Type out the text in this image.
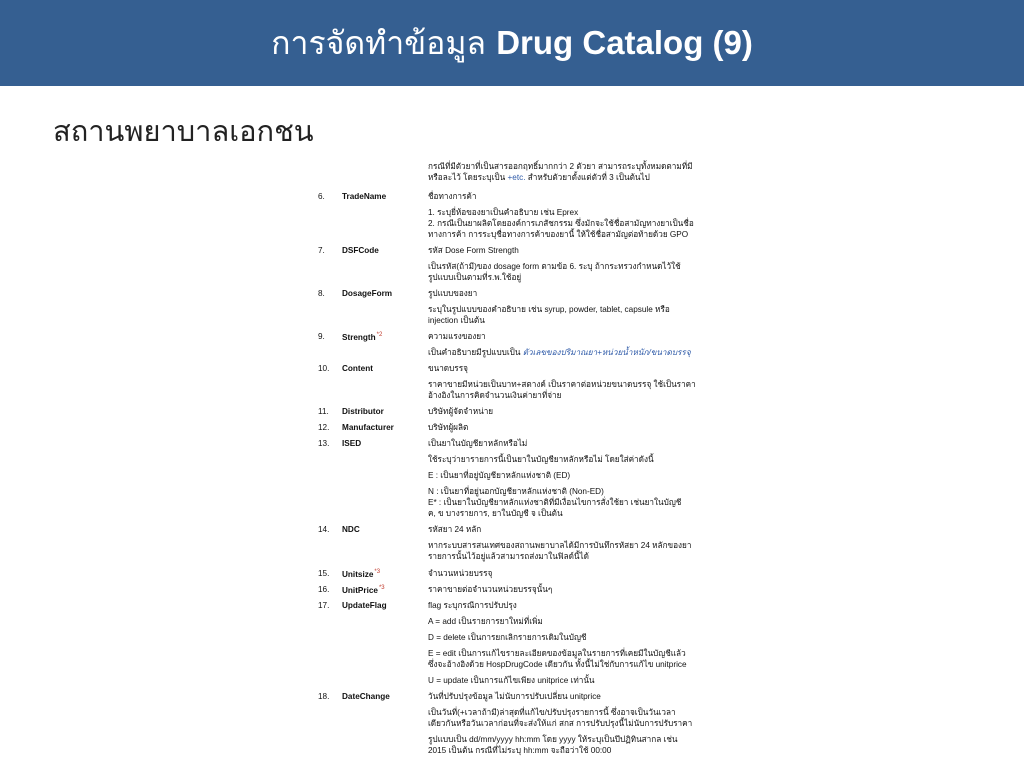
การจัดทำข้อมูล Drug Catalog (9)
สถานพยาบาลเอกชน
กรณีที่มีตัวยาที่เป็นสารออกฤทธิ์มากกว่า 2 ตัวยา สามารถระบุทั้งหมดตามที่มี
หรือละไว้ โดยระบุเป็น +etc. สำหรับตัวยาตั้งแต่ตัวที่ 3 เป็นต้นไป
6.	TradeName	ชื่อทางการค้า
1. ระบุยี่ห้อของยาเป็นคำอธิบาย เช่น Eprex
2. กรณีเป็นยาผลิตโดยองค์การเภสัชกรรม ซึ่งมักจะใช้ชื่อสามัญทางยาเป็นชื่อ
ทางการค้า การระบุชื่อทางการค้าของยานี้ ให้ใช้ชื่อสามัญต่อท้ายด้วย GPO
7.	DSFCode	รหัส Dose Form Strength
เป็นรหัส(ถ้ามี)ของ dosage form ตามข้อ 6. ระบุ ถ้ากระทรวงกำหนดไว้ใช้
รูปแบบเป็นตามที่ร.พ.ใช้อยู่
8.	DosageForm	รูปแบบของยา
ระบุในรูปแบบของคำอธิบาย เช่น syrup, powder, tablet, capsule หรือ
injection เป็นต้น
9.	Strength$^{*2}$	ความแรงของยา
เป็นคำอธิบายมีรูปแบบเป็น ตัวเลขของปริมาณยา+หน่วยน้ำหนัก/ขนาดบรรจุ
10.	Content	ขนาดบรรจุ
ราคาขายมีหน่วยเป็นบาท+สตางค์ เป็นราคาต่อหน่วยขนาดบรรจุ ใช้เป็นราคา
อ้างอิงในการคิดจำนวนเงินค่ายาที่จ่าย
11.	Distributor	บริษัทผู้จัดจำหน่าย
12.	Manufacturer	บริษัทผู้ผลิต
13.	ISED	เป็นยาในบัญชียาหลักหรือไม่
ใช้ระบุว่ายารายการนี้เป็นยาในบัญชียาหลักหรือไม่ โดยใส่ค่าดังนี้
E : เป็นยาที่อยู่บัญชียาหลักแห่งชาติ (ED)
N : เป็นยาที่อยู่นอกบัญชียาหลักแห่งชาติ (Non-ED)
E* : เป็นยาในบัญชียาหลักแห่งชาติที่มีเงื่อนไขการสั่งใช้ยา เช่นยาในบัญชี
ค, ข บางรายการ, ยาในบัญชี จ เป็นต้น
14.	NDC	รหัสยา 24 หลัก
หากระบบสารสนเทศของสถานพยาบาลได้มีการบันทึกรหัสยา 24 หลักของยา
รายการนั้นไว้อยู่แล้วสามารถส่งมาในฟิลด์นี้ได้
15.	Unitsize$^{*3}$	จำนวนหน่วยบรรจุ
16.	UnitPrice$^{*3}$	ราคาขายต่อจำนวนหน่วยบรรจุนั้นๆ
17.	UpdateFlag	flag ระบุกรณีการปรับปรุง
A = add เป็นรายการยาใหม่ที่เพิ่ม
D = delete เป็นการยกเลิกรายการเดิมในบัญชี
E = edit เป็นการแก้ไขรายละเอียดของข้อมูลในรายการที่เคยมีในบัญชีแล้ว
ซึ่งจะอ้างอิงด้วย HospDrugCode เดียวกัน ทั้งนี้ไม่ใช่กับการแก้ไข unitprice
U = update เป็นการแก้ไขเพียง unitprice เท่านั้น
18.	DateChange	วันที่ปรับปรุงข้อมูล ไม่นับการปรับเปลี่ยน unitprice
เป็นวันที่(+เวลาถ้ามี)ล่าสุดที่แก้ไข/ปรับปรุงรายการนี้ ซึ่งอาจเป็นวันเวลา
เดียวกันหรือวันเวลาก่อนที่จะส่งให้แก่ สกส การปรับปรุงนี้ไม่นับการปรับราคา
รูปแบบเป็น dd/mm/yyyy hh:mm โดย yyyy ให้ระบุเป็นปีปฏิทินสากล เช่น
2015 เป็นต้น กรณีที่ไม่ระบุ hh:mm จะถือว่าใช้ 00:00
